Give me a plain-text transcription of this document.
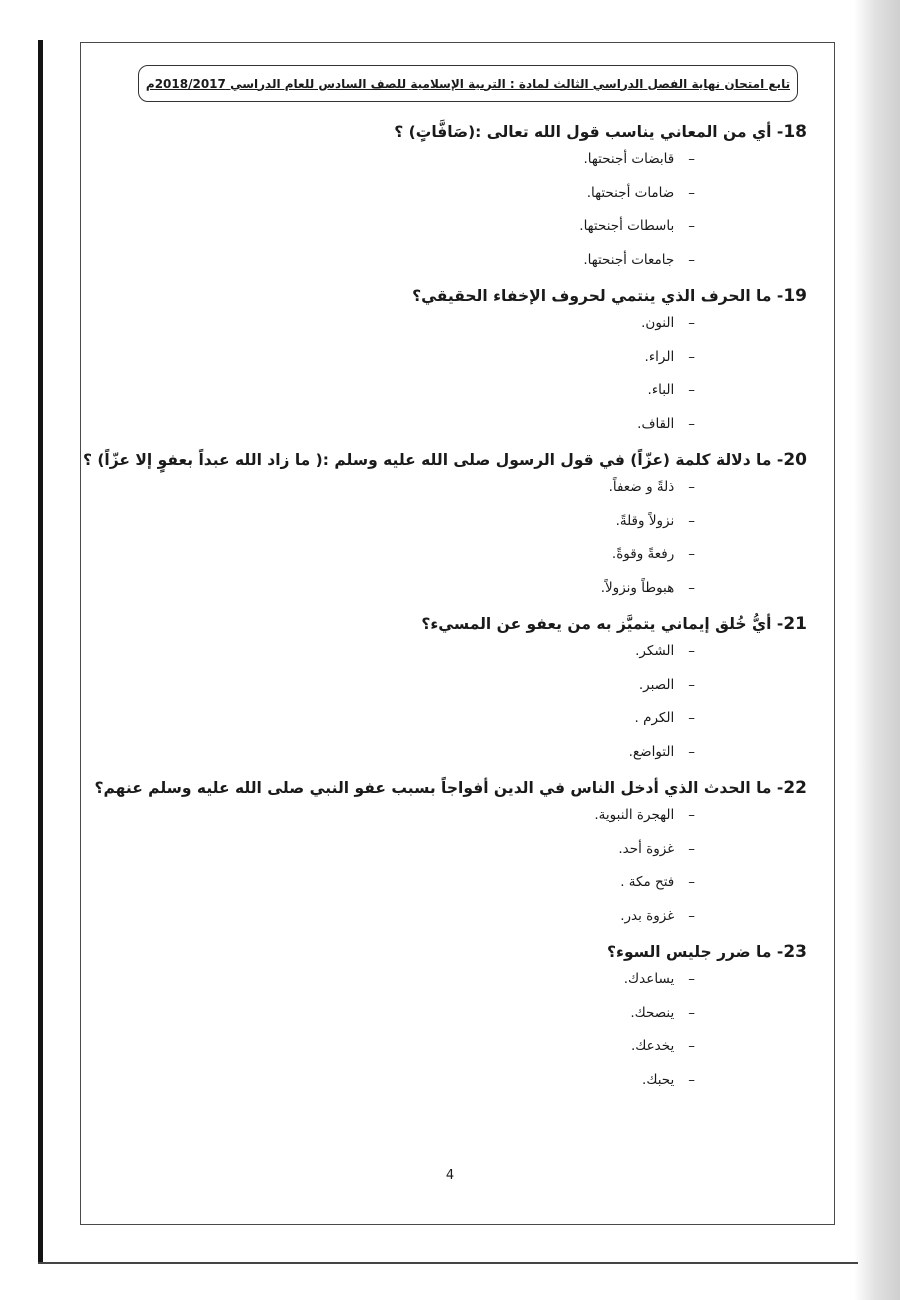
تابع امتحان نهاية الفصل الدراسي الثالث لمادة : التربية الإسلامية للصف السادس للعام الدراسي 2018/2017م
18- أي من المعاني يناسب قول الله تعالى :(صَافَّاتٍ) ؟
–قابضات أجنحتها.
–ضامات أجنحتها.
–باسطات أجنحتها.
–جامعات أجنحتها.
19- ما الحرف الذي ينتمي لحروف الإخفاء الحقيقي؟
–النون.
–الراء.
–الباء.
–القاف.
20- ما دلالة كلمة (عزّاً) في قول الرسول صلى الله عليه وسلم :( ما زاد الله عبداً بعفوٍ إلا عزّاً) ؟
–ذلةً و ضعفاً.
–نزولاً وقلةً.
–رفعةً وقوةً.
–هبوطاً ونزولاً.
21- أيُّ خُلق إيماني يتميَّز به من يعفو عن المسيء؟
–الشكر.
–الصبر.
–الكرم .
–التواضع.
22- ما الحدث الذي أدخل الناس في الدين أفواجاً بسبب عفو النبي صلى الله عليه وسلم عنهم؟
–الهجرة النبوية.
–غزوة أحد.
–فتح مكة .
–غزوة بدر.
23- ما ضرر جليس السوء؟
–يساعدك.
–ينصحك.
–يخدعك.
–يحبك.
4
